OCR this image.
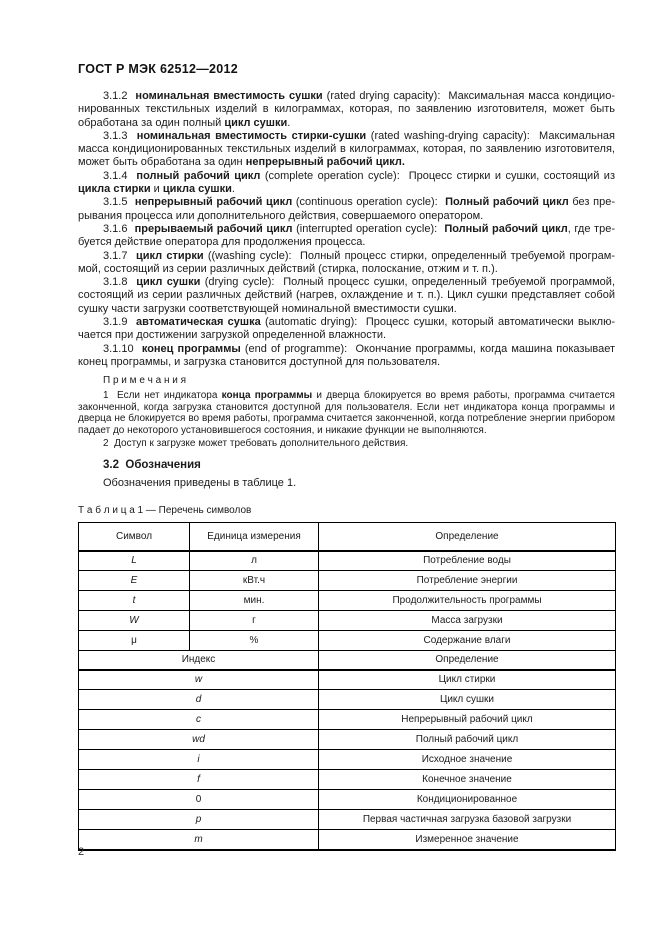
ГОСТ Р МЭК 62512—2012

3.1.2  номинальная вместимость сушки (rated drying capacity):  Максимальная масса кондиционированных текстильных изделий в килограммах, которая, по заявлению изготовителя, может быть обработана за один полный цикл сушки.

3.1.3  номинальная вместимость стирки-сушки (rated washing-drying capacity):  Максимальная масса кондиционированных текстильных изделий в килограммах, которая, по заявлению изготовителя, может быть обработана за один непрерывный рабочий цикл.

3.1.4  полный рабочий цикл (complete operation cycle):  Процесс стирки и сушки, состоящий из цикла стирки и цикла сушки.

3.1.5  непрерывный рабочий цикл (continuous operation cycle):  Полный рабочий цикл без прерывания процесса или дополнительного действия, совершаемого оператором.

3.1.6  прерываемый рабочий цикл (interrupted operation cycle):  Полный рабочий цикл, где требуется действие оператора для продолжения процесса.

3.1.7  цикл стирки ((washing cycle):  Полный процесс стирки, определенный требуемой программой, состоящий из серии различных действий (стирка, полоскание, отжим и т. п.).

3.1.8  цикл сушки (drying cycle):  Полный процесс сушки, определенный требуемой программой, состоящий из серии различных действий (нагрев, охлаждение и т. п.). Цикл сушки представляет собой сушку части загрузки соответствующей номинальной вместимости сушки.

3.1.9  автоматическая сушка (automatic drying):  Процесс сушки, который автоматически выключается при достижении загрузкой определенной влажности.

3.1.10  конец программы (end of programme):  Окончание программы, когда машина показывает конец программы, и загрузка становится доступной для пользователя.

П р и м е ч а н и я

1  Если нет индикатора конца программы и дверца блокируется во время работы, программа считается законченной, когда загрузка становится доступной для пользователя. Если нет индикатора конца программы и дверца не блокируется во время работы, программа считается законченной, когда потребление энергии прибором падает до некоторого установившегося состояния, и никакие функции не выполняются.

2  Доступ к загрузке может требовать дополнительного действия.

3.2  Обозначения

Обозначения приведены в таблице 1.

Т а б л и ц а 1 — Перечень символов

Символ	Единица измерения	Определение
L	л	Потребление воды
E	кВт.ч	Потребление энергии
t	мин.	Продолжительность программы
W	г	Масса загрузки
μ	%	Содержание влаги
Индекс		Определение
w		Цикл стирки
d		Цикл сушки
c		Непрерывный рабочий цикл
wd		Полный рабочий цикл
i		Исходное значение
f		Конечное значение
0		Кондиционированное
p		Первая частичная загрузка базовой загрузки
m		Измеренное значение
2
